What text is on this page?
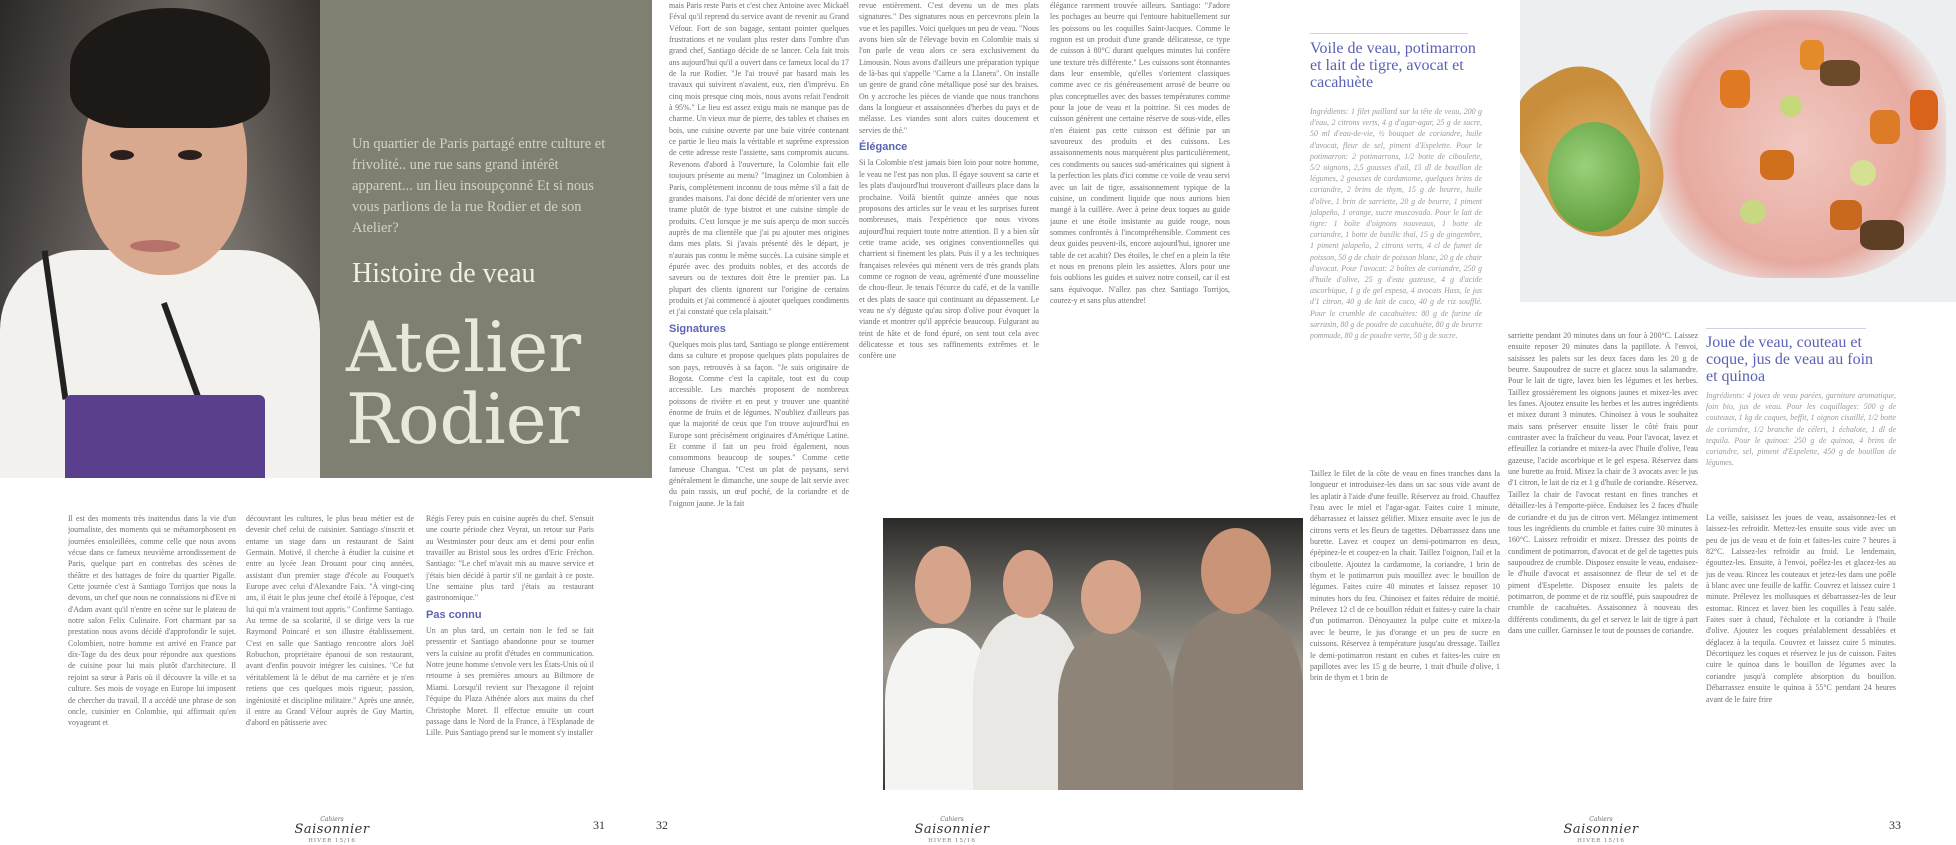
Un quartier de Paris partagé entre culture et frivolité.. une rue sans grand intérêt apparent... un lieu insoupçonné Et si nous vous parlions de la rue Rodier et de son Atelier?
Histoire de veau
Atelier
Rodier
Il est des moments très inattendus dans la vie d'un journaliste, des moments qui se métamorphosent en journées ensoleillées, comme celle que nous avons vécue dans ce fameux neuvième arrondissement de Paris, quelque part en contrebas des scènes de théâtre et des battages de foire du quartier Pigalle. Cette journée c'est à Santiago Torrijos que nous la devons, un chef que nous ne connaissions ni d'Eve ni d'Adam avant qu'il n'entre en scène sur le plateau de notre salon Felix Culinaire. Fort charmant par sa prestation nous avons décidé d'approfondir le sujet. Colombien, notre homme est arrivé en France par dix-Tage du des deux pour répondre aux questions de cuisine pour lui mais plutôt d'architecture. Il rejoint sa sœur à Paris où il découvre la ville et sa culture. Ses mois de voyage en Europe lui imposent de chercher du travail. Il a accédé une phrase de son oncle, cuisinier en Colombie, qui affirmait qu'en voyageant et
découvrant les cultures, le plus beau métier est de devenir chef celui de cuisinier. Santiago s'inscrit et entame un stage dans un restaurant de Saint Germain. Motivé, il cherche à étudier la cuisine et entre au lycée Jean Drouant pour cinq années, assistant d'un premier stage d'école au Fouquet's Europe avec celui d'Alexandre Faix. "À vingt-cinq ans, il était le plus jeune chef étoilé à l'époque, c'est lui qui m'a vraiment tout appris." Confirme Santiago. Au terme de sa scolarité, il se dirige vers la rue Raymond Poincaré et son illustre établissement. C'est en salle que Santiago rencontre alors Joël Robuchon, propriétaire épanoui de son restaurant, avant d'enfin pouvoir intégrer les cuisines. "Ce fut véritablement là le début de ma carrière et je n'en retiens que ces quelques mois rigueur, passion, ingéniosité et discipline militaire." Après une année, il entre au Grand Véfour auprès de Guy Martin, d'abord en pâtisserie avec
Régis Ferey puis en cuisine auprès du chef. S'ensuit une courte période chez Veyrat, un retour sur Paris au Westminster pour deux ans et demi pour enfin travailler au Bristol sous les ordres d'Eric Fréchon. Santiago: "Le chef m'avait mis au mauve service et j'étais bien décidé à partir s'il ne gardait à ce poste. Une semaine plus tard j'étais au restaurant gastronomique."
Pas connu
Un an plus tard, un certain non le fed se fait pressentir et Santiago abandonne pour se tourner vers la cuisine au profit d'études en communication. Notre jeune homme s'envole vers les États-Unis où il retourne à ses premières amours au Biltmore de Miami. Lorsqu'il revient sur l'hexagone il rejoint l'équipe du Plaza Athénée alors aux mains du chef Christophe Moret. Il effectue ensuite un court passage dans le Nord de la France, à l'Esplanade de Lille. Puis Santiago prend sur le moment s'y installer
Cahiers
Saisonnier
HIVER 15/16
31
mais Paris reste Paris et c'est chez Antoine avec Mickaël Féval qu'il reprend du service avant de revenir au Grand Véfour. Fort de son bagage, sentant pointer quelques frustrations et ne voulant plus rester dans l'ombre d'un grand chef, Santiago décide de se lancer. Cela fait trois ans aujourd'hui qu'il a ouvert dans ce fameux local du 17 de la rue Rodier. "Je l'ai trouvé par hasard mais les travaux qui suivirent n'avaient, eux, rien d'imprévu. En cinq mois presque cinq mois, nous avons refait l'endroit à 95%." Le lieu est assez exigu mais ne manque pas de charme. Un vieux mur de pierre, des tables et chaises en bois, une cuisine ouverte par une baie vitrée contenant ce partie le lieu mais la véritable et suprême expression de cette adresse reste l'assiette, sans compromis aucuns. Revenons d'abord à l'ouverture, la Colombie fait elle toujours présente au menu? "Imaginez un Colombien à Paris, complètement inconnu de tous même s'il a fait de grandes maisons. J'ai donc décidé de m'orienter vers une trame plutôt de type bistrot et une cuisine simple de produits. C'est lorsque je me suis aperçu de mon succès auprès de ma clientèle que j'ai pu ajouter mes origines dans mes plats. Si j'avais présenté dès le départ, je n'aurais pas connu le même succès. La cuisine simple et épurée avec des produits nobles, et des accords de saveurs ou de textures doit être le premier pas. La plupart des clients ignorent sur l'origine de certains produits et j'ai commencé à ajouter quelques condiments et j'ai constaté que cela plaisait."
Signatures
Quelques mois plus tard, Santiago se plonge entièrement dans sa culture et propose quelques plats populaires de son pays, retrouvés à sa façon. "Je suis originaire de Bogota. Comme c'est la capitale, tout est du coup accessible. Les marchés proposent de nombreux poissons de rivière et en peut y trouver une quantité énorme de fruits et de légumes. N'oubliez d'ailleurs pas que la majorité de ceux que l'on trouve aujourd'hui en Europe sont précisément originaires d'Amérique Latine. Et comme il fait un peu froid également, nous consommons beaucoup de soupes." Comme cette fameuse Changua. "C'est un plat de paysans, servi généralement le dimanche, une soupe de lait servie avec du pain rassis, un œuf poché, de la coriandre et de l'oignon jaune. Je la fait
revue entièrement. C'est devenu un de mes plats signatures." Des signatures nous en percevrons plein la vue et les papilles. Voici quelques un peu de veau. "Nous avons bien sûr de l'élevage bovin en Colombie mais si l'on parle de veau alors ce sera exclusivement du Limousin. Nous avons d'ailleurs une préparation typique de là-bas qui s'appelle "Carne a la Llanera". On installe un genre de grand cône métallique posé sur des braises. On y accroche les pièces de viande que nous tranchons dans la longueur et assaisonnées d'herbes du pays et de mélasse. Les viandes sont alors cuites doucement et servies de thé."
Élégance
Si la Colombie n'est jamais bien loin pour notre homme, le veau ne l'est pas non plus. Il égaye souvent sa carte et les plats d'aujourd'hui trouveront d'ailleurs place dans la prochaine. Voilà bientôt quinze années que nous proposons des articles sur le veau et les surprises furent nombreuses, mais l'expérience que nous vivons aujourd'hui requiert toute notre attention. Il y a bien sûr cette trame acide, ses origines conventionnelles qui charrient si finement les plats. Puis il y a les techniques françaises relevées qui mènent vers de très grands plats comme ce rognon de veau, agrémenté d'une mousseline de chou-fleur. Je tenais l'écorce du café, et de la vanille et des plats de sauce qui continuant au dépassement. Le veau ne s'y déguste qu'au sirop d'olive pour évoquer la viande et montrer qu'il apprécie beaucoup. Fulgurant au teint de hâte et de fond épuré, on sent tout cela avec délicatesse et tous ses raffinements extrêmes et le confère une
élégance rarement trouvée ailleurs. Santiago: "J'adore les pochages au beurre qui l'entoure habituellement sur les poissons ou les coquilles Saint-Jacques. Comme le rognon est un produit d'une grande délicatesse, ce type de cuisson à 80°C durant quelques minutes lui confère une texture très différente." Les cuissons sont étonnantes dans leur ensemble, qu'elles s'orientent classiques comme avec ce ris généreusement arrosé de beurre ou plus conceptuelles avec des basses températures comme pour la joue de veau et la poitrine. Si ces modes de cuisson génèrent une certaine réserve de sous-vide, elles n'en étaient pas cette cuisson est définie par un savoureux des produits et des cuissons. Les assaisonnements nous marquèrent plus particulièrement, ces condiments ou sauces sud-américaines qui signent à la perfection les plats d'ici comme ce voile de veau servi avec un lait de tigre, assaisonnement typique de la cuisine, un condiment liquide que nous aurions bien mangé à la cuillère. Avec à peine deux toques au guide jaune et une étoile insistante au guide rouge, nous sommes confrontés à l'incompréhensible. Comment ces deux guides peuvent-ils, encore aujourd'hui, ignorer une table de cet acabit? Des étoiles, le chef en a plein la tête et nous en prenons plein les assiettes. Alors pour une fois oublions les guides et suivez notre conseil, car il est sans équivoque. N'allez pas chez Santiago Torrijos, courez-y et sans plus attendre!
Cahiers
Saisonnier
HIVER 15/16
32
Voile de veau, potimarron et lait de tigre, avocat et cacahuète
Ingrédients: 1 filet paillard sur la tête de veau, 200 g d'eau, 2 citrons verts, 4 g d'agar-agar, 25 g de sucre, 50 ml d'eau-de-vie, ½ bouquet de coriandre, huile d'avocat, fleur de sel, piment d'Espelette. Pour le potimarron: 2 potimarrons, 1/2 botte de ciboulette, 5/2 oignons, 2,5 gousses d'ail, 15 dl de bouillon de légumes, 2 gousses de cardamome, quelques brins de coriandre, 2 brins de thym, 15 g de beurre, huile d'olive, 1 brin de sarriette, 20 g de beurre, 1 piment jalapeño, 1 orange, sucre muscovado. Pour le lait de tigre: 1 boîte d'oignons nouveaux, 1 botte de coriandre, 1 botte de basilic thaï, 15 g de gingembre, 1 piment jalapeño, 2 citrons verts, 4 cl de fumet de poisson, 50 g de chair de poisson blanc, 20 g de chair d'avocat. Pour l'avocat: 2 boîtes de coriandre, 250 g d'huile d'olive, 25 g d'eau gazeuse, 4 g d'acide ascorbique, 1 g de gel espesa, 4 avocats Hass, le jus d'1 citron, 40 g de lait de coco, 40 g de riz soufflé. Pour le crumble de cacahuètes: 80 g de farine de sarrasin, 80 g de poudre de cacahuète, 80 g de beurre pommade, 80 g de poudre verte, 50 g de sucre.
Taillez le filet de la côte de veau en fines tranches dans la longueur et introduisez-les dans un sac sous vide avant de les aplatir à l'aide d'une feuille. Réservez au froid. Chauffez l'eau avec le miel et l'agar-agar. Faites cuire 1 minute, débarrassez et laissez gélifier. Mixez ensuite avec le jus de citrons verts et les fleurs de tagettes. Débarrassez dans une burette. Lavez et coupez un demi-potimarron en deux, épépinez-le et coupez-en la chair. Taillez l'oignon, l'ail et la ciboulette. Ajoutez la cardamome, la coriandre, 1 brin de thym et le potimarron puis mouillez avec le bouillon de légumes. Faites cuire 40 minutes et laissez reposer 10 minutes hors du feu. Chinoisez et faites réduire de moitié. Prélevez 12 cl de ce bouillon réduit et faites-y cuire la chair d'un potimarron. Dénoyautez la pulpe cuite et mixez-la avec le beurre, le jus d'orange et un peu de sucre en cuissons. Réservez à température jusqu'au dressage. Taillez le demi-potimarron restant en cubes et faites-les cuire en papillotes avec les 15 g de beurre, 1 trait d'huile d'olive, 1 brin de thym et 1 brin de
sarriette pendant 20 minutes dans un four à 200°C. Laissez ensuite reposer 20 minutes dans la papillote. À l'envoi, saisissez les palets sur les deux faces dans les 20 g de beurre. Saupoudrez de sucre et glacez sous la salamandre. Pour le lait de tigre, lavez bien les légumes et les herbes. Taillez grossièrement les oignons jaunes et mixez-les avec les fanes. Ajoutez ensuite les herbes et les autres ingrédients et mixez durant 3 minutes. Chinoisez à vous le souhaitez mais sans préserver ensuite lisser le côté frais pour contraster avec la fraîcheur du veau. Pour l'avocat, lavez et effeuillez la coriandre et mixez-la avec l'huile d'olive, l'eau gazeuse, l'acide ascorbique et le gel espesa. Réservez dans une burette au froid. Mixez la chair de 3 avocats avec le jus d'1 citron, le lait de riz et 1 g d'huile de coriandre. Réservez. Taillez la chair de l'avocat restant en fines tranches et détaillez-les à l'emporte-pièce. Enduisez les 2 faces d'huile de coriandre et du jus de citron vert. Mélangez intimement tous les ingrédients du crumble et faites cuire 30 minutes à 160°C. Laissez refroidir et mixez. Dressez des points de condiment de potimarron, d'avocat et de gel de tagettes puis saupoudrez de crumble. Disposez ensuite le veau, enduisez-le d'huile d'avocat et assaisonnez de fleur de sel et de piment d'Espelette. Disposez ensuite les palets de potimarron, de pomme et de riz soufflé, puis saupoudrez de crumble de cacahuètes. Assaisonnez à nouveau des différents condiments, du gel et servez le lait de tigre à part dans une cuiller. Garnissez le tout de pousses de coriandre.
Joue de veau, couteau et coque, jus de veau au foin et quinoa
Ingrédients: 4 joues de veau parées, garniture aromatique, foin bio, jus de veau. Pour les coquillages: 500 g de couteaux, 1 kg de coques, beffit, 1 oignon cisaillé, 1/2 botte de coriandre, 1/2 branche de céleri, 1 échalote, 1 dl de tequila. Pour le quinoa: 250 g de quinoa, 4 brins de coriandre, sel, piment d'Espelette, 450 g de bouillon de légumes.
La veille, saisissez les joues de veau, assaisonnez-les et laissez-les refroidir. Mettez-les ensuite sous vide avec un peu de jus de veau et de foin et faites-les cuire 7 heures à 82°C. Laissez-les refroidir au froid. Le lendemain, égouttez-les. Ensuite, à l'envoi, poêlez-les et glacez-les au jus de veau. Rincez les couteaux et jetez-les dans une poêle à blanc avec une feuille de kaffir. Couvrez et laissez cuire 1 minute. Prélevez les mollusques et débarrassez-les de leur estomac. Rincez et lavez bien les coquilles à l'eau salée. Faites suer à chaud, l'échalote et la coriandre à l'huile d'olive. Ajoutez les coques préalablement dessablées et déglacez à la tequila. Couvrez et laissez cuire 5 minutes. Décortiquez les coques et réservez le jus de cuisson. Faites cuire le quinoa dans le bouillon de légumes avec la coriandre jusqu'à complète absorption du bouillon. Débarrassez ensuite le quinoa à 55°C pendant 24 heures avant de le faire frire
Cahiers
Saisonnier
HIVER 15/16
33
